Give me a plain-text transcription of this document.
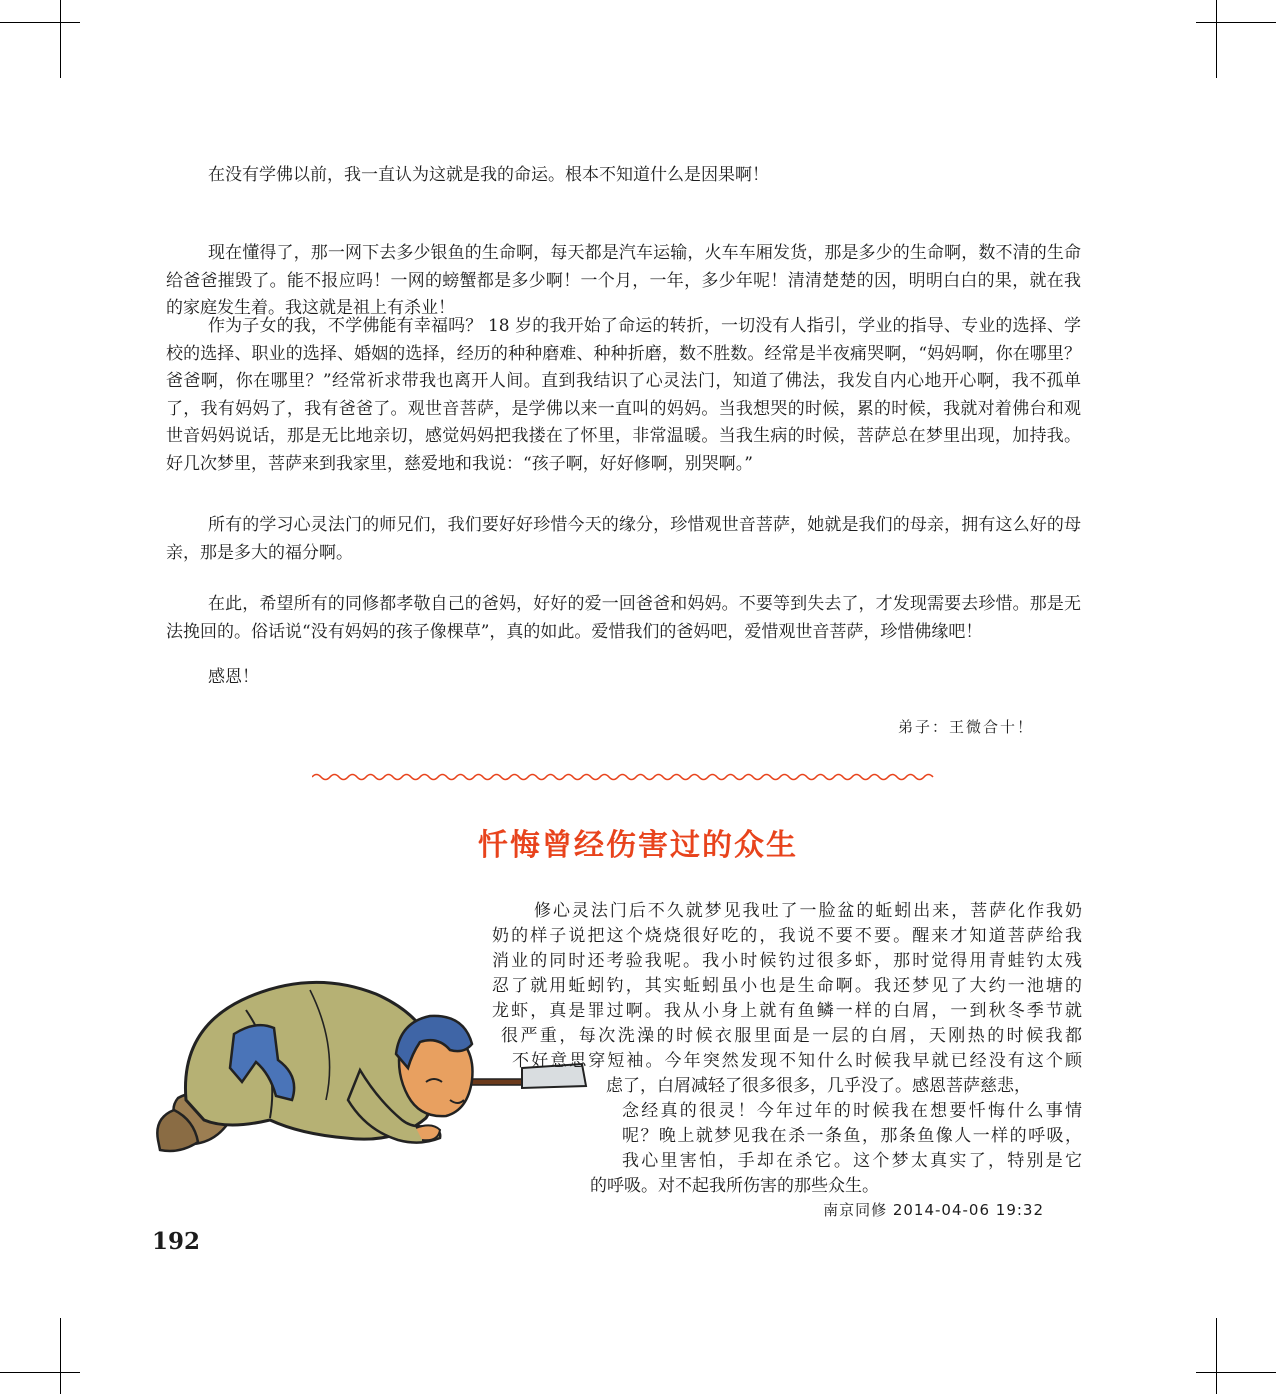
在没有学佛以前，我一直认为这就是我的命运。根本不知道什么是因果啊！

现在懂得了，那一网下去多少银鱼的生命啊，每天都是汽车运输，火车车厢发货，那是多少的生命啊，数不清的生命给爸爸摧毁了。能不报应吗！一网的螃蟹都是多少啊！一个月，一年，多少年呢！清清楚楚的因，明明白白的果，就在我的家庭发生着。我这就是祖上有杀业！

作为子女的我，不学佛能有幸福吗？ 18 岁的我开始了命运的转折，一切没有人指引，学业的指导、专业的选择、学校的选择、职业的选择、婚姻的选择，经历的种种磨难、种种折磨，数不胜数。经常是半夜痛哭啊，“妈妈啊，你在哪里？爸爸啊，你在哪里？”经常祈求带我也离开人间。直到我结识了心灵法门，知道了佛法，我发自内心地开心啊，我不孤单了，我有妈妈了，我有爸爸了。观世音菩萨，是学佛以来一直叫的妈妈。当我想哭的时候，累的时候，我就对着佛台和观世音妈妈说话，那是无比地亲切，感觉妈妈把我搂在了怀里，非常温暖。当我生病的时候，菩萨总在梦里出现，加持我。好几次梦里，菩萨来到我家里，慈爱地和我说：“孩子啊，好好修啊，别哭啊。”

所有的学习心灵法门的师兄们，我们要好好珍惜今天的缘分，珍惜观世音菩萨，她就是我们的母亲，拥有这么好的母亲，那是多大的福分啊。

在此，希望所有的同修都孝敬自己的爸妈，好好的爱一回爸爸和妈妈。不要等到失去了，才发现需要去珍惜。那是无法挽回的。俗话说“没有妈妈的孩子像棵草”，真的如此。爱惜我们的爸妈吧，爱惜观世音菩萨，珍惜佛缘吧！

感恩！

弟子：王微合十！
忏悔曾经伤害过的众生
修心灵法门后不久就梦见我吐了一脸盆的蚯蚓出来，菩萨化作我奶
奶的样子说把这个烧烧很好吃的，我说不要不要。醒来才知道菩萨给我
消业的同时还考验我呢。我小时候钓过很多虾，那时觉得用青蛙钓太残
忍了就用蚯蚓钓，其实蚯蚓虽小也是生命啊。我还梦见了大约一池塘的
龙虾，真是罪过啊。我从小身上就有鱼鳞一样的白屑，一到秋冬季节就
很严重，每次洗澡的时候衣服里面是一层的白屑，天刚热的时候我都
不好意思穿短袖。今年突然发现不知什么时候我早就已经没有这个顾
虑了，白屑减轻了很多很多，几乎没了。感恩菩萨慈悲，
念经真的很灵！今年过年的时候我在想要忏悔什么事情
呢？晚上就梦见我在杀一条鱼，那条鱼像人一样的呼吸，
我心里害怕，手却在杀它。这个梦太真实了，特别是它
的呼吸。对不起我所伤害的那些众生。
南京同修 2014-04-06 19:32
192
